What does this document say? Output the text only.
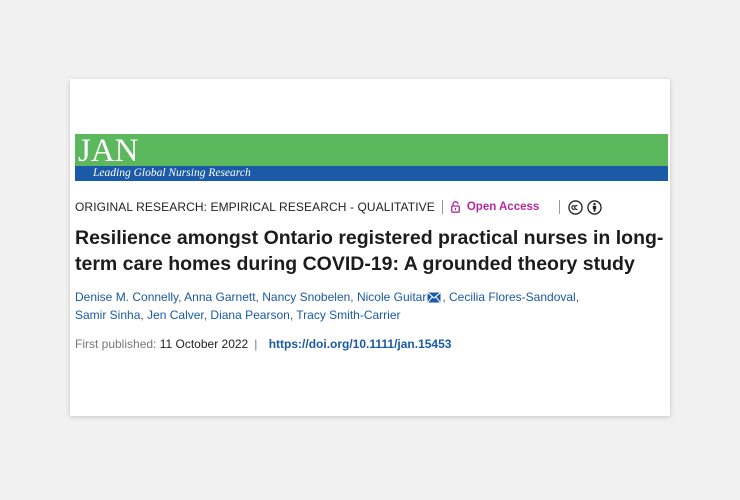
JAN
Leading Global Nursing Research
ORIGINAL RESEARCH: EMPIRICAL RESEARCH - QUALITATIVE	Open Access
Resilience amongst Ontario registered practical nurses in long-term care homes during COVID-19: A grounded theory study
Denise M. Connelly, Anna Garnett, Nancy Snobelen, Nicole Guitar , Cecilia Flores-Sandoval,
Samir Sinha, Jen Calver, Diana Pearson, Tracy Smith-Carrier
First published: 11 October 2022 | https://doi.org/10.1111/jan.15453
